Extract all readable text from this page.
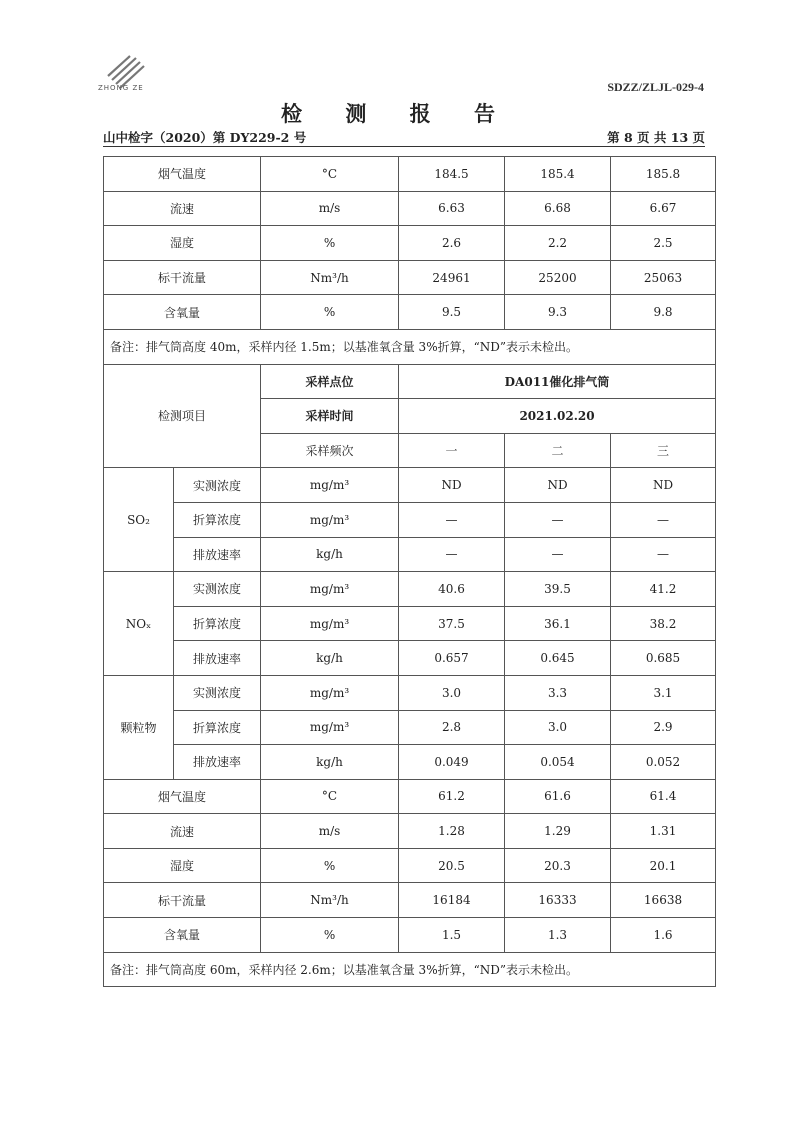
ZHONG ZE	SDZZ/ZLJL-029-4
检 测 报 告
山中检字（2020）第 DY229-2 号	第 8 页 共 13 页
烟气温度		°C	184.5	185.4	185.8
流速		m/s	6.63	6.68	6.67
湿度		%	2.6	2.2	2.5
标干流量		Nm³/h	24961	25200	25063
含氧量		%	9.5	9.3	9.8
备注：排气筒高度 40m，采样内径 1.5m；以基准氧含量 3%折算，“ND”表示未检出。					
检测项目		采样点位	DA011催化排气筒		
		采样时间	2021.02.20		
		采样频次	一	二	三
SO₂	实测浓度	mg/m³	ND	ND	ND
	折算浓度	mg/m³	—	—	—
	排放速率	kg/h	—	—	—
NOₓ	实测浓度	mg/m³	40.6	39.5	41.2
	折算浓度	mg/m³	37.5	36.1	38.2
	排放速率	kg/h	0.657	0.645	0.685
颗粒物	实测浓度	mg/m³	3.0	3.3	3.1
	折算浓度	mg/m³	2.8	3.0	2.9
	排放速率	kg/h	0.049	0.054	0.052
烟气温度		°C	61.2	61.6	61.4
流速		m/s	1.28	1.29	1.31
湿度		%	20.5	20.3	20.1
标干流量		Nm³/h	16184	16333	16638
含氧量		%	1.5	1.3	1.6
备注：排气筒高度 60m，采样内径 2.6m；以基准氧含量 3%折算，“ND”表示未检出。					
